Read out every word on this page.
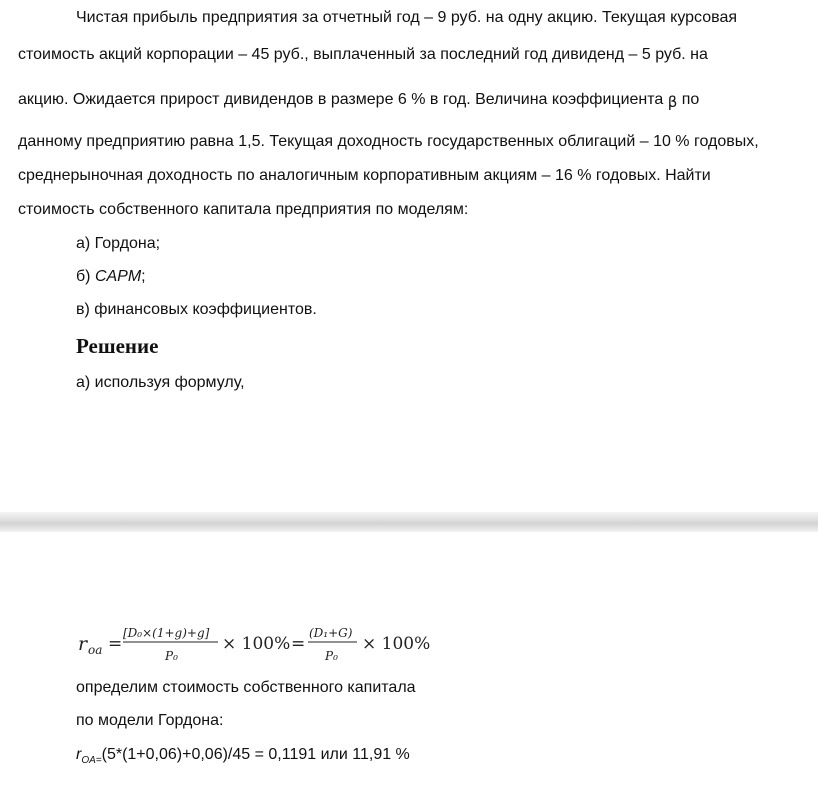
Чистая прибыль предприятия за отчетный год – 9 руб. на одну акцию. Текущая курсовая
стоимость акций корпорации – 45 руб., выплаченный за последний год дивиденд – 5 руб. на
акцию. Ожидается прирост дивидендов в размере 6 % в год. Величина коэффициента β по
данному предприятию равна 1,5. Текущая доходность государственных облигаций – 10 % годовых,
среднерыночная доходность по аналогичным корпоративным акциям – 16 % годовых. Найти
стоимость собственного капитала предприятия по моделям:
а) Гордона;
б) CAPM;
в) финансовых коэффициентов.
Решение
а) используя формулу,
r oa =
[D₀×(1+g)+g]
P₀
× 100% =
(D₁+G)
P₀
× 100%
определим стоимость собственного капитала
по модели Гордона:
$r_{OA=}(5*(1+0,06)+0,06)/45 = 0,1191$ или 11,91 %
